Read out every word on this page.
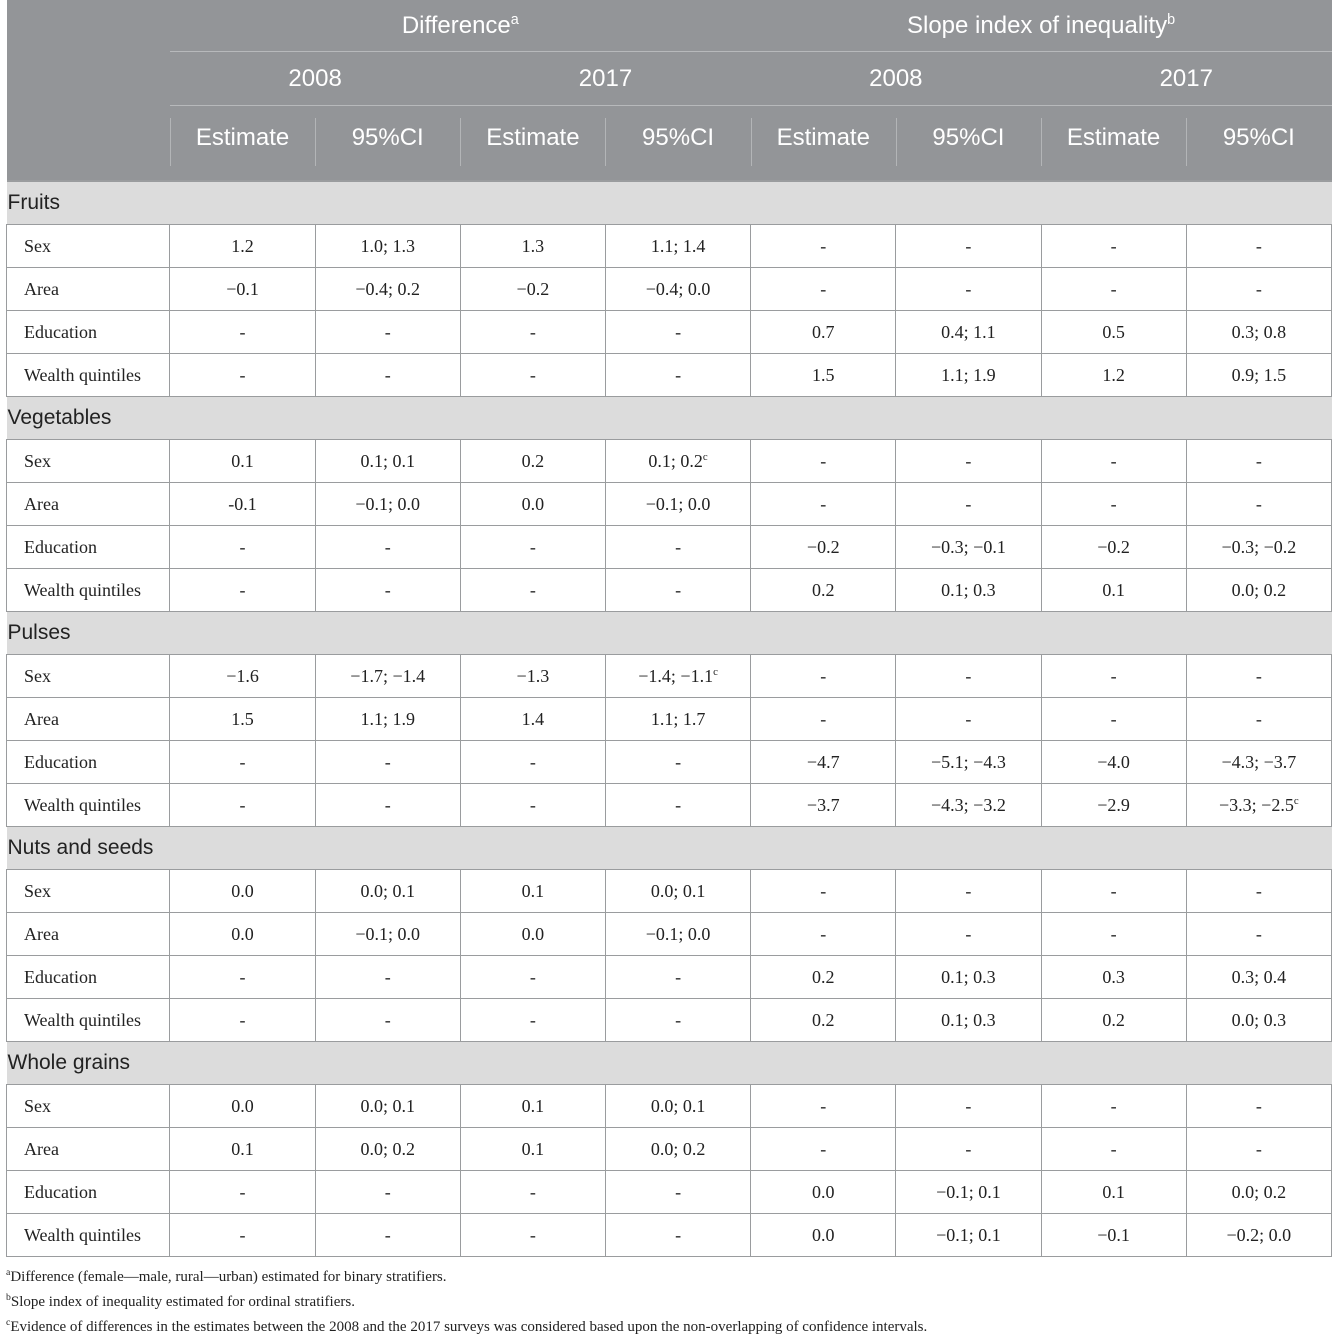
	Difference$^a$				Slope index of inequality$^b$
	2008		2017		2008		2017	

Estimate	95%CI	Estimate	95%CI	Estimate	95%CI	Estimate	95%CI
Fruits								
Sex	1.2	1.0; 1.3	1.3	1.1; 1.4	-	-	-	-
Area	−0.1	−0.4; 0.2	−0.2	−0.4; 0.0	-	-	-	-
Education	-	-	-	-	0.7	0.4; 1.1	0.5	0.3; 0.8
Wealth quintiles	-	-	-	-	1.5	1.1; 1.9	1.2	0.9; 1.5
Vegetables								
Sex	0.1	0.1; 0.1	0.2	0.1; 0.2$^c$	-	-	-	-
Area	-0.1	−0.1; 0.0	0.0	−0.1; 0.0	-	-	-	-
Education	-	-	-	-	−0.2	−0.3; −0.1	−0.2	−0.3; −0.2
Wealth quintiles	-	-	-	-	0.2	0.1; 0.3	0.1	0.0; 0.2
Pulses								
Sex	−1.6	−1.7; −1.4	−1.3	−1.4; −1.1$^c$	-	-	-	-
Area	1.5	1.1; 1.9	1.4	1.1; 1.7	-	-	-	-
Education	-	-	-	-	−4.7	−5.1; −4.3	−4.0	−4.3; −3.7
Wealth quintiles	-	-	-	-	−3.7	−4.3; −3.2	−2.9	−3.3; −2.5$^c$
Nuts and seeds								
Sex	0.0	0.0; 0.1	0.1	0.0; 0.1	-	-	-	-
Area	0.0	−0.1; 0.0	0.0	−0.1; 0.0	-	-	-	-
Education	-	-	-	-	0.2	0.1; 0.3	0.3	0.3; 0.4
Wealth quintiles	-	-	-	-	0.2	0.1; 0.3	0.2	0.0; 0.3
Whole grains								
Sex	0.0	0.0; 0.1	0.1	0.0; 0.1	-	-	-	-
Area	0.1	0.0; 0.2	0.1	0.0; 0.2	-	-	-	-
Education	-	-	-	-	0.0	−0.1; 0.1	0.1	0.0; 0.2
Wealth quintiles	-	-	-	-	0.0	−0.1; 0.1	−0.1	−0.2; 0.0

$^a$Difference (female—male, rural—urban) estimated for binary stratifiers.

$^b$Slope index of inequality estimated for ordinal stratifiers.

$^c$Evidence of differences in the estimates between the 2008 and the 2017 surveys was considered based upon the non-overlapping of confidence intervals.
